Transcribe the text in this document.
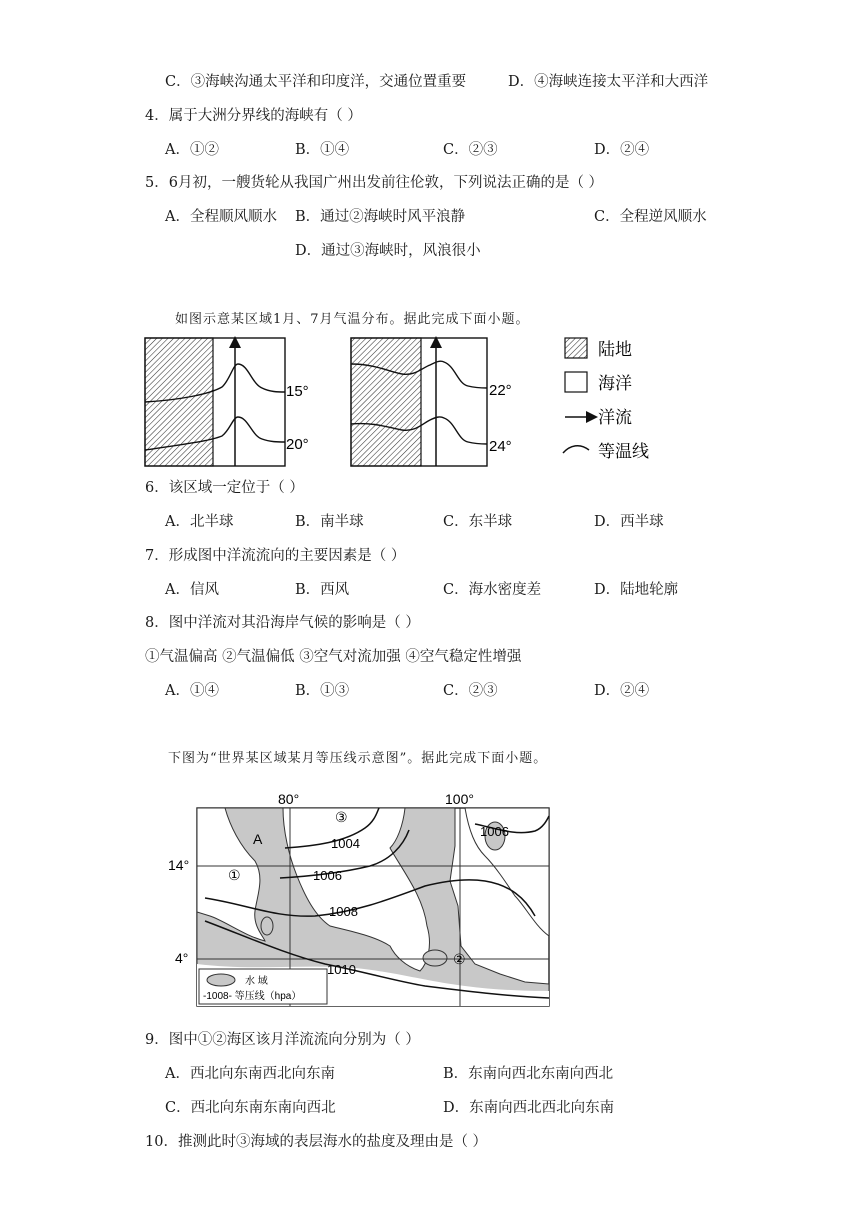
C．③海峡沟通太平洋和印度洋，交通位置重要	D．④海峡连接太平洋和大西洋
4．属于大洲分界线的海峡有（ ）
A．①②	B．①④	C．②③	D．②④
5．6月初，一艘货轮从我国广州出发前往伦敦，下列说法正确的是（ ）
A．全程顺风顺水 B．通过②海峡时风平浪静	C．全程逆风顺水
D．通过③海峡时，风浪很小
如图示意某区域1月、7月气温分布。据此完成下面小题。
15°
20°
22°
24°
陆地
海洋
洋流
等温线
6．该区域一定位于（ ）
A．北半球	B．南半球	C．东半球	D．西半球
7．形成图中洋流流向的主要因素是（ ）
A．信风	B．西风	C．海水密度差	D．陆地轮廓
8．图中洋流对其沿海岸气候的影响是（ ）
①气温偏高 ②气温偏低 ③空气对流加强 ④空气稳定性增强
A．①④	B．①③	C．②③	D．②④
下图为“世界某区域某月等压线示意图”。据此完成下面小题。
80°	100°
14°
4°
1004
1006
1008
1010
1006
A
①
②
③
水 域
-1008- 等压线（hpa）
9．图中①②海区该月洋流流向分别为（ ）
A．西北向东南西北向东南	B．东南向西北东南向西北
C．西北向东南东南向西北	D．东南向西北西北向东南
10．推测此时③海域的表层海水的盐度及理由是（ ）
